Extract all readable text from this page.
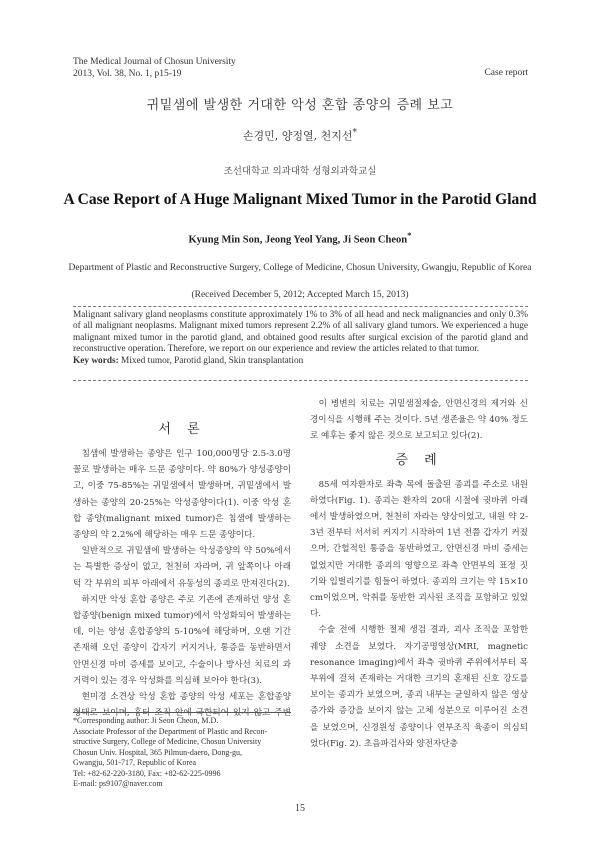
The Medical Journal of Chosun University
2013, Vol. 38, No. 1, p15-19	Case report
귀밑샘에 발생한 거대한 악성 혼합 종양의 증례 보고
손경민, 양정열, 천지선*
조선대학교 의과대학 성형외과학교실
A Case Report of A Huge Malignant Mixed Tumor in the Parotid Gland
Kyung Min Son, Jeong Yeol Yang, Ji Seon Cheon*
Department of Plastic and Reconstructive Surgery, College of Medicine, Chosun University, Gwangju, Republic of Korea
(Received December 5, 2012; Accepted March 15, 2013)
Malignant salivary gland neoplasms constitute approximately 1% to 3% of all head and neck malignancies and only 0.3% of all malignant neoplasms. Malignant mixed tumors represent 2.2% of all salivary gland tumors. We experienced a huge malignant mixed tumor in the parotid gland, and obtained good results after surgical excision of the parotid gland and reconstructive operation. Therefore, we report on our experience and review the articles related to that tumor.
Key words: Mixed tumor, Parotid gland, Skin transplantation
서 론

침샘에 발생하는 종양은 인구 100,000명당 2.5-3.0명 꼴로 발생하는 매우 드문 종양이다. 약 80%가 양성종양이고, 이중 75-85%는 귀밑샘에서 발생하며, 귀밑샘에서 발생하는 종양의 20-25%는 악성종양이다(1). 이중 악성 혼합 종양(malignant mixed tumor)은 침샘에 발생하는 종양의 약 2.2%에 해당하는 매우 드문 종양이다.

일반적으로 귀밑샘에 발생하는 악성종양의 약 50%에서는 특별한 증상이 없고, 천천히 자라며, 귀 앞쪽이나 아래턱 각 부위의 피부 아래에서 유동성의 종괴로 만져진다(2).

하지만 악성 혼합 종양은 주로 기존에 존재하던 양성 혼합종양(benign mixed tumor)에서 악성화되어 발생하는데, 이는 양성 혼합종양의 5-10%에 해당하며, 오랜 기간 존재해 오던 종양이 갑자기 커지거나, 통증을 동반하면서 안면신경 마비 증세를 보이고, 수술이나 방사선 치료의 과거력이 있는 경우 악성화를 의심해 보아야 한다(3).

현미경 소견상 악성 혼합 종양의 악성 세포는 혼합종양 형태로 보이며, 흉터 조직 안에 국한되어 있지 않고 주변

이 병변의 치료는 귀밑샘절제술, 안면신경의 제거와 신경이식을 시행해 주는 것이다. 5년 생존율은 약 40% 정도로 예후는 좋지 않은 것으로 보고되고 있다(2).

증 례

85세 여자환자로 좌측 목에 돌출된 종괴를 주소로 내원하였다(Fig. 1). 종괴는 환자의 20대 시절에 귓바퀴 아래에서 발생하였으며, 천천히 자라는 양상이었고, 내원 약 2-3년 전부터 서서히 커지기 시작하여 1년 전쯤 갑자기 커졌으며, 간헐적인 통증을 동반하였고, 안면신경 마비 증세는 없었지만 거대한 종괴의 영향으로 좌측 안면부의 표정 짓기와 입벌리기를 힘들어 하였다. 종괴의 크기는 약 15×10 cm이었으며, 악취를 동반한 괴사된 조직을 포함하고 있었다.

수술 전에 시행한 절제 생검 결과, 괴사 조직을 포함한 궤양 소견을 보였다. 자기공명영상(MRI, magnetic resonance imaging)에서 좌측 귓바퀴 주위에서부터 목 부위에 걸쳐 존재하는 거대한 크기의 혼재된 신호 강도를 보이는 종괴가 보였으며, 종괴 내부는 균일하지 않은 영상 증가와 증강을 보이지 않는 고체 성분으로 이루어진 소견을 보였으며, 신경원성 종양이나 연부조직 육종이 의심되었다(Fig. 2). 초음파검사와 양전자단층

*Corresponding author: Ji Seon Cheon, M.D.
Associate Professor of the Department of Plastic and Recon-
structive Surgery, College of Medicine, Chosun University
Chosun Univ. Hospital, 365 Pilmun-daero, Dong-gu,
Gwangju, 501-717, Republic of Korea
Tel: +82-62-220-3180, Fax: +82-62-225-0996
E-mail: ps9107@naver.com
15
